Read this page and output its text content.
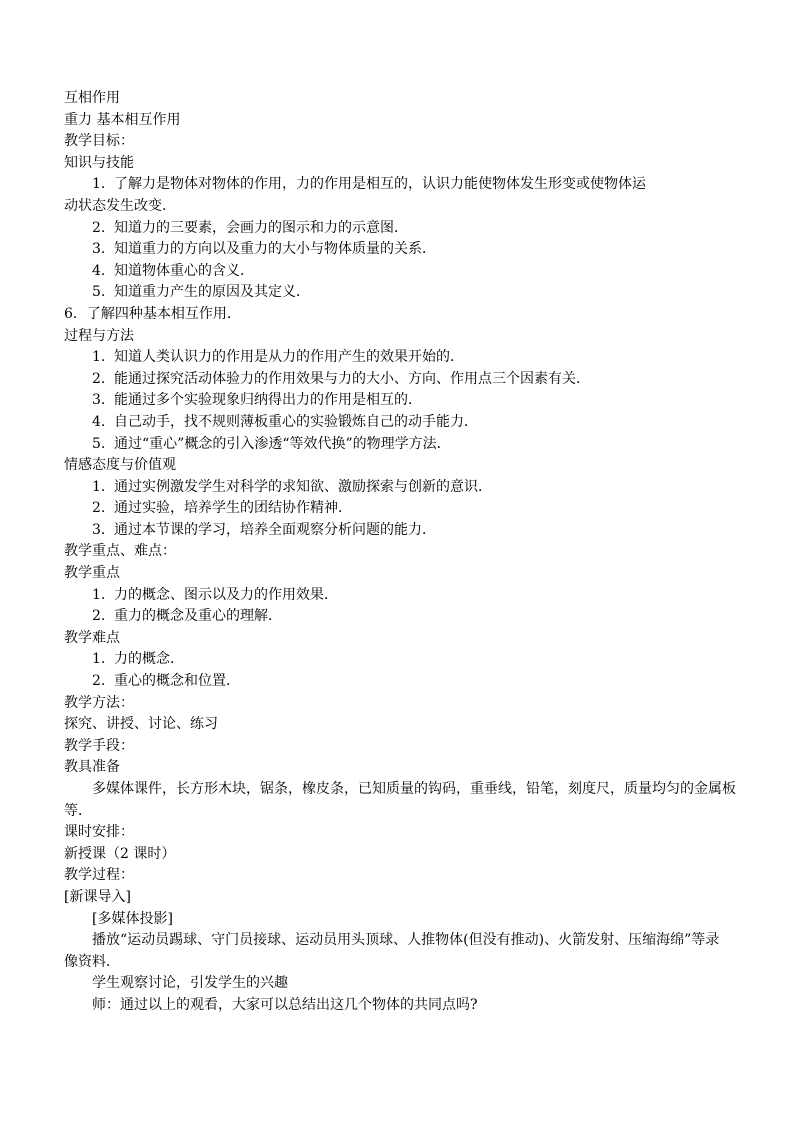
互相作用
重力 基本相互作用
教学目标：
知识与技能
1. 了解力是物体对物体的作用，力的作用是相互的，认识力能使物体发生形变或使物体运
动状态发生改变．
2. 知道力的三要素，会画力的图示和力的示意图．
3. 知道重力的方向以及重力的大小与物体质量的关系．
4. 知道物体重心的含义．
5. 知道重力产生的原因及其定义．
6．了解四种基本相互作用．
过程与方法
1. 知道人类认识力的作用是从力的作用产生的效果开始的．
2. 能通过探究活动体验力的作用效果与力的大小、方向、作用点三个因素有关．
3. 能通过多个实验现象归纳得出力的作用是相互的．
4. 自己动手，找不规则薄板重心的实验锻炼自己的动手能力．
5. 通过“重心”概念的引入渗透“等效代换”的物理学方法．
情感态度与价值观
1. 通过实例激发学生对科学的求知欲、激励探索与创新的意识．
2. 通过实验，培养学生的团结协作精神．
3. 通过本节课的学习，培养全面观察分析问题的能力．
教学重点、难点：
教学重点
1. 力的概念、图示以及力的作用效果．
2. 重力的概念及重心的理解．
教学难点
1. 力的概念．
2. 重心的概念和位置．
教学方法：
探究、讲授、讨论、练习
教学手段：
教具准备
多媒体课件，长方形木块，锯条，橡皮条，已知质量的钩码，重垂线，铅笔，刻度尺，质量均匀的金属板
等．
课时安排：
新授课（2 课时）
教学过程：
[新课导入]
[多媒体投影]
播放“运动员踢球、守门员接球、运动员用头顶球、人推物体(但没有推动)、火箭发射、压缩海绵”等录
像资料．
学生观察讨论，引发学生的兴趣
师：通过以上的观看，大家可以总结出这几个物体的共同点吗?
